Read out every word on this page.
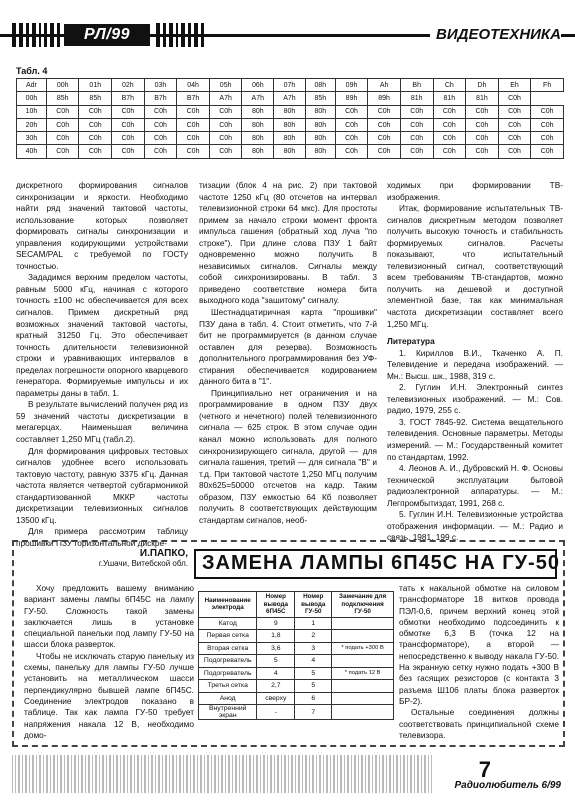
РЛ/99	ВИДЕОТЕХНИКА
Табл. 4
Adr	00h	01h	02h	03h	04h	05h	06h	07h	08h	09h	Ah	Bh	Ch	Dh	Eh	Fh
00h	85h	85h	B7h	B7h	B7h	A7h	A7h	A7h	85h	89h	89h	81h	81h	81h	C0h	
10h	C0h	C0h	C0h	C0h	C0h	C0h	80h	80h	80h	C0h	C0h	C0h	C0h	C0h	C0h	C0h
20h	C0h	C0h	C0h	C0h	C0h	C0h	80h	80h	80h	C0h	C0h	C0h	C0h	C0h	C0h	C0h
30h	C0h	C0h	C0h	C0h	C0h	C0h	80h	80h	80h	C0h	C0h	C0h	C0h	C0h	C0h	C0h
40h	C0h	C0h	C0h	C0h	C0h	C0h	80h	80h	80h	C0h	C0h	C0h	C0h	C0h	C0h	C0h

дискретного формирования сигналов синхронизации и яркости. Необходимо найти ряд значений тактовой частоты, использование которых позволяет формировать сигналы синхронизации и управления кодирующими устройствами SECAM/PAL с требуемой по ГОСТу точностью.

Зададимся верхним пределом частоты, равным 5000 кГц, начиная с которого точность ±100 нс обеспечивается для всех сигналов. Примем дискретный ряд возможных значений тактовой частоты, кратный 31250 Гц. Это обеспечивает точность длительности телевизионной строки и уравнивающих интервалов в пределах погрешности опорного кварцевого генератора. Формируемые импульсы и их параметры даны в табл. 1.

В результате вычислений получен ряд из 59 значений частоты дискретизации в мегагерцах. Наименьшая величина составляет 1,250 МГц (табл.2).

Для формирования цифровых тестовых сигналов удобнее всего использовать тактовую частоту, равную 3375 кГц. Данная частота является четвертой субгармоникой стандартизованной МККР частоты дискретизации телевизионных сигналов 13500 кГц.

Для примера рассмотрим таблицу прошивки ПЗУ горизонтальной дискре-

тизации (блок 4 на рис. 2) при тактовой частоте 1250 кГц (80 отсчетов на интервал телевизионной строки 64 мкс). Для простоты примем за начало строки момент фронта импульса гашения (обратный ход луча "по строке"). При длине слова ПЗУ 1 байт одновременно можно получить 8 независимых сигналов. Сигналы между собой синхронизированы. В табл. 3 приведено соответствие номера бита выходного кода "зашитому" сигналу.

Шестнадцатиричная карта "прошивки" ПЗУ дана в табл. 4. Стоит отметить, что 7-й бит не программируется (в данном случае оставлен для резерва). Возможность дополнительного программирования без УФ-стирания обеспечивается кодированием данного бита в "1".

Принципиально нет ограничения и на программирование в одном ПЗУ двух (четного и нечетного) полей телевизионного сигнала — 625 строк. В этом случае один канал можно использовать для полного синхронизирующего сигнала, другой — для сигнала гашения, третий — для сигнала "В" и т.д. При тактовой частоте 1,250 МГц получим 80x625=50000 отсчетов на кадр. Таким образом, ПЗУ емкостью 64 Кб позволяет получить 8 соответствующих действующим стандартам сигналов, необ-

ходимых при формировании ТВ-изображения.

Итак, формирование испытательных ТВ-сигналов дискретным методом позволяет получить высокую точность и стабильность формируемых сигналов. Расчеты показывают, что испытательный телевизионный сигнал, соответствующий всем требованиям ТВ-стандартов, можно получить на дешевой и доступной элементной базе, так как минимальная частота дискретизации составляет всего 1,250 МГц.

Литература

1. Кириллов В.И., Ткаченко А. П. Телевидение и передача изображений. — Мн.: Высш. шк., 1988, 319 с.

2. Гуглин И.Н. Электронный синтез телевизионных изображений. — М.: Сов. радио, 1979, 255 с.

3. ГОСТ 7845-92. Система вещательного телевидения. Основные параметры. Методы измерений. — М.: Государственный комитет по стандартам, 1992.

4. Леонов А. И., Дубровский Н. Ф. Основы технической эксплуатации бытовой радиоэлектронной аппаратуры. — М.: Легпромбытиздат, 1991, 268 с.

5. Гуглин И.Н. Телевизионные устройства отображения информации. — М.: Радио и связь, 1981, 199 с.

И.ПАПКО,
г.Ушачи, Витебской обл. ЗАМЕНА ЛАМПЫ 6П45С НА ГУ-50

Хочу предложить вашему вниманию вариант замены лампы 6П45С на лампу ГУ-50. Сложность такой замены заключается лишь в установке специальной панельки под лампу ГУ-50 на шасси блока разверток.

Чтобы не исключать старую панельку из схемы, панельку для лампы ГУ-50 лучше установить на металлическом шасси перпендикулярно бывшей лампе 6П45С. Соединение электродов показано в таблице. Так как лампа ГУ-50 требует напряжения накала 12 В, необходимо домо-

Наименование электрода	Номер вывода 6П45С	Номер вывода ГУ-50	Замечание для подключения ГУ-50
Катод	9	1	
Первая сетка	1,8	2	
Вторая сетка	3,6	3	* подать +300 В
Подогреватель	5	4	
Подогреватель	4	5	* подать 12 В
Третья сетка	2,7	5	
Анод	сверху	6	
Внутренний экран	-	7	

тать к накальной обмотке на силовом трансформаторе 18 витков провода ПЭЛ-0,6, причем верхний конец этой обмотки необходимо подсоединить к обмотке 6,3 В (точка 12 на трансформаторе), а второй — непосредственно к выводу накала ГУ-50. На экранную сетку нужно подать +300 В без гасящих резисторов (с контакта 3 разъема Ш106 платы блока разверток БР-2).

Остальные соединения должны соответствовать принципиальной схеме телевизора.

7
Радиолюбитель 6/99
